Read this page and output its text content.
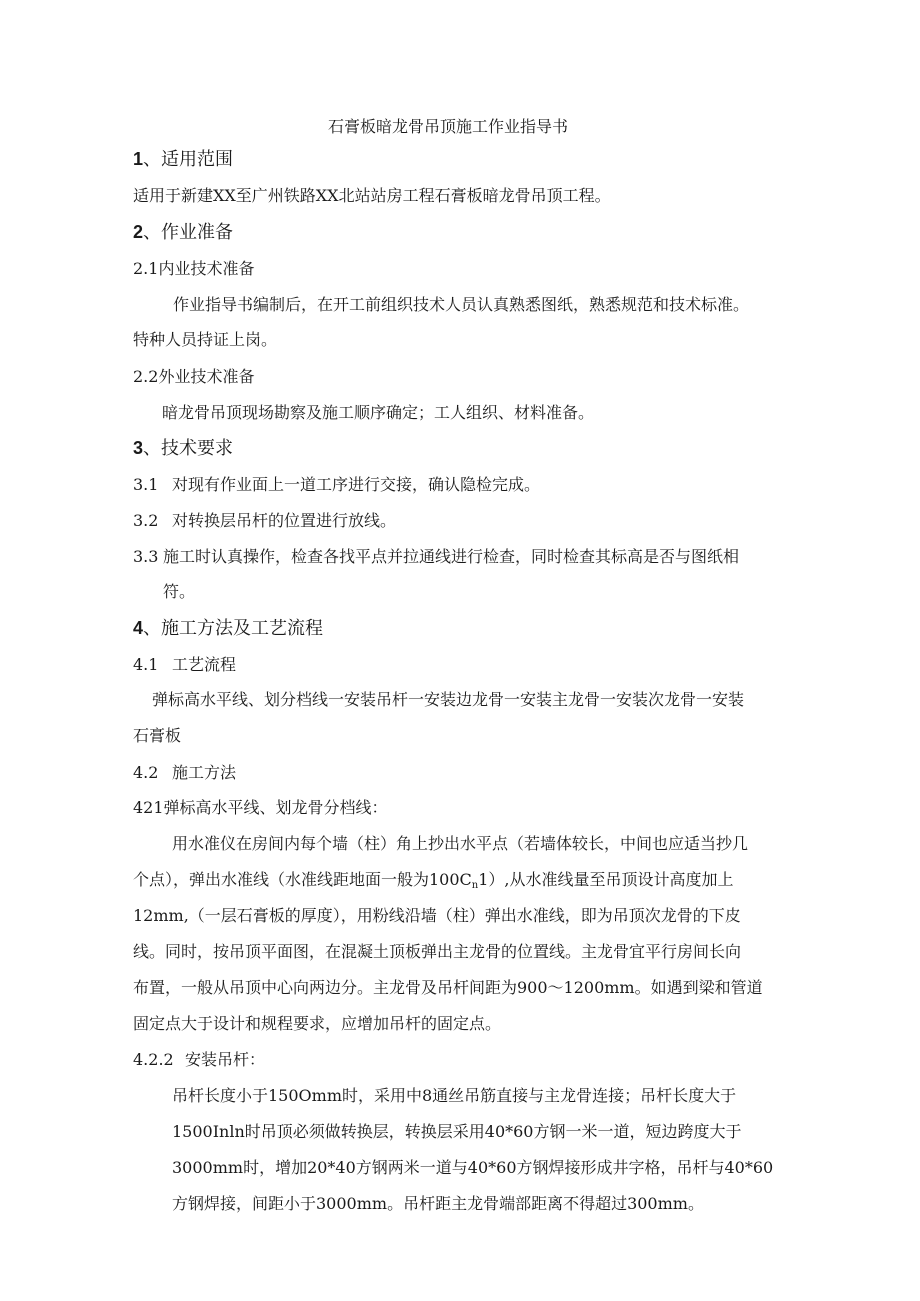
石膏板暗龙骨吊顶施工作业指导书
1、适用范围
适用于新建XX至广州铁路XX北站站房工程石膏板暗龙骨吊顶工程。
2、作业准备
2.1内业技术准备
作业指导书编制后，在开工前组织技术人员认真熟悉图纸，熟悉规范和技术标准。
特种人员持证上岗。
2.2外业技术准备
暗龙骨吊顶现场勘察及施工顺序确定；工人组织、材料准备。
3、技术要求
3.1 对现有作业面上一道工序进行交接，确认隐检完成。
3.2 对转换层吊杆的位置进行放线。
3.3 施工时认真操作，检查各找平点并拉通线进行检查，同时检查其标高是否与图纸相
符。
4、施工方法及工艺流程
4.1 工艺流程
弹标高水平线、划分档线一安装吊杆一安装边龙骨一安装主龙骨一安装次龙骨一安装
石膏板
4.2 施工方法
421弹标高水平线、划龙骨分档线：
用水准仪在房间内每个墙（柱）角上抄出水平点（若墙体较长，中间也应适当抄几
个点），弹出水准线（水准线距地面一般为$100C_n1$）,从水准线量至吊顶设计高度加上
12mm,（一层石膏板的厚度），用粉线沿墙（柱）弹出水准线，即为吊顶次龙骨的下皮
线。同时，按吊顶平面图，在混凝土顶板弹出主龙骨的位置线。主龙骨宜平行房间长向
布置，一般从吊顶中心向两边分。主龙骨及吊杆间距为900～1200mm。如遇到梁和管道
固定点大于设计和规程要求，应增加吊杆的固定点。
4.2.2 安装吊杆：
吊杆长度小于150Omm时，采用中8通丝吊筋直接与主龙骨连接；吊杆长度大于
1500Inln时吊顶必须做转换层，转换层采用40*60方钢一米一道，短边跨度大于
3000mm时，增加20*40方钢两米一道与40*60方钢焊接形成井字格，吊杆与40*60
方钢焊接，间距小于3000mm。吊杆距主龙骨端部距离不得超过300mm。
